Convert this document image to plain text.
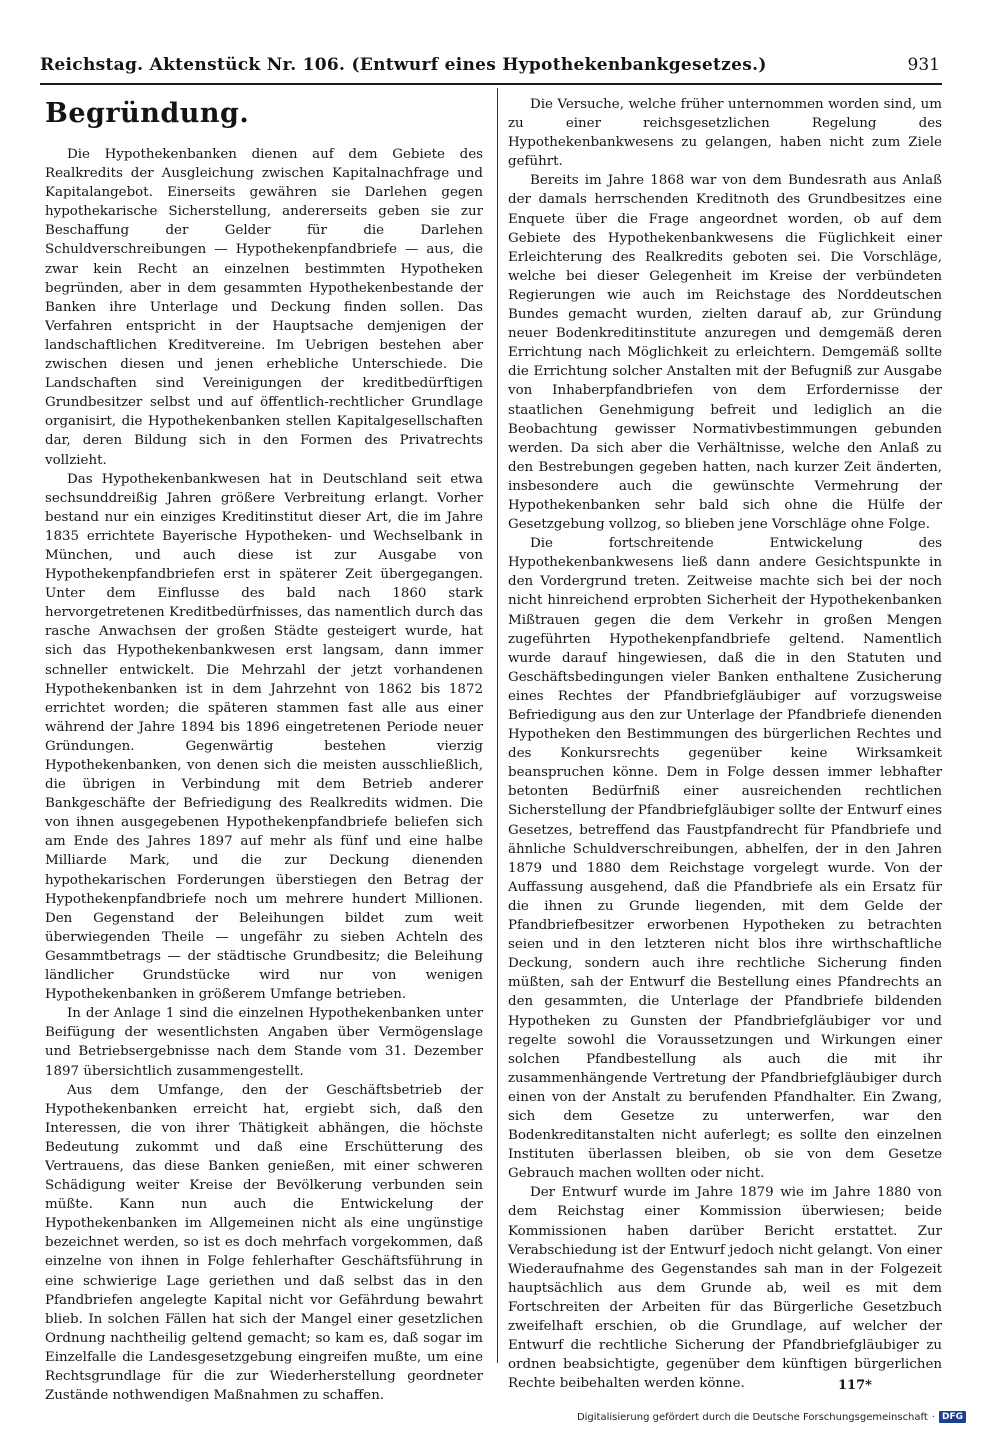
Reichstag. Aktenstück Nr. 106. (Entwurf eines Hypothekenbankgesetzes.)	931
Begründung.

Die Hypothekenbanken dienen auf dem Gebiete des Realkredits der Ausgleichung zwischen Kapitalnachfrage und Kapitalangebot. Einerseits gewähren sie Darlehen gegen hypothekarische Sicherstellung, andererseits geben sie zur Beschaffung der Gelder für die Darlehen Schuldverschreibungen — Hypothekenpfandbriefe — aus, die zwar kein Recht an einzelnen bestimmten Hypotheken begründen, aber in dem gesammten Hypothekenbestande der Banken ihre Unterlage und Deckung finden sollen. Das Verfahren entspricht in der Hauptsache demjenigen der landschaftlichen Kreditvereine. Im Uebrigen bestehen aber zwischen diesen und jenen erhebliche Unterschiede. Die Landschaften sind Vereinigungen der kreditbedürftigen Grundbesitzer selbst und auf öffentlich-rechtlicher Grundlage organisirt, die Hypothekenbanken stellen Kapitalgesellschaften dar, deren Bildung sich in den Formen des Privatrechts vollzieht.

Das Hypothekenbankwesen hat in Deutschland seit etwa sechsunddreißig Jahren größere Verbreitung erlangt. Vorher bestand nur ein einziges Kreditinstitut dieser Art, die im Jahre 1835 errichtete Bayerische Hypotheken- und Wechselbank in München, und auch diese ist zur Ausgabe von Hypothekenpfandbriefen erst in späterer Zeit übergegangen. Unter dem Einflusse des bald nach 1860 stark hervorgetretenen Kreditbedürfnisses, das namentlich durch das rasche Anwachsen der großen Städte gesteigert wurde, hat sich das Hypothekenbankwesen erst langsam, dann immer schneller entwickelt. Die Mehrzahl der jetzt vorhandenen Hypothekenbanken ist in dem Jahrzehnt von 1862 bis 1872 errichtet worden; die späteren stammen fast alle aus einer während der Jahre 1894 bis 1896 eingetretenen Periode neuer Gründungen. Gegenwärtig bestehen vierzig Hypothekenbanken, von denen sich die meisten ausschließlich, die übrigen in Verbindung mit dem Betrieb anderer Bankgeschäfte der Befriedigung des Realkredits widmen. Die von ihnen ausgegebenen Hypothekenpfandbriefe beliefen sich am Ende des Jahres 1897 auf mehr als fünf und eine halbe Milliarde Mark, und die zur Deckung dienenden hypothekarischen Forderungen überstiegen den Betrag der Hypothekenpfandbriefe noch um mehrere hundert Millionen. Den Gegenstand der Beleihungen bildet zum weit überwiegenden Theile — ungefähr zu sieben Achteln des Gesammtbetrags — der städtische Grundbesitz; die Beleihung ländlicher Grundstücke wird nur von wenigen Hypothekenbanken in größerem Umfange betrieben.

In der Anlage 1 sind die einzelnen Hypothekenbanken unter Beifügung der wesentlichsten Angaben über Vermögenslage und Betriebsergebnisse nach dem Stande vom 31. Dezember 1897 übersichtlich zusammengestellt.

Aus dem Umfange, den der Geschäftsbetrieb der Hypothekenbanken erreicht hat, ergiebt sich, daß den Interessen, die von ihrer Thätigkeit abhängen, die höchste Bedeutung zukommt und daß eine Erschütterung des Vertrauens, das diese Banken genießen, mit einer schweren Schädigung weiter Kreise der Bevölkerung verbunden sein müßte. Kann nun auch die Entwickelung der Hypothekenbanken im Allgemeinen nicht als eine ungünstige bezeichnet werden, so ist es doch mehrfach vorgekommen, daß einzelne von ihnen in Folge fehlerhafter Geschäftsführung in eine schwierige Lage geriethen und daß selbst das in den Pfandbriefen angelegte Kapital nicht vor Gefährdung bewahrt blieb. In solchen Fällen hat sich der Mangel einer gesetzlichen Ordnung nachtheilig geltend gemacht; so kam es, daß sogar im Einzelfalle die Landesgesetzgebung eingreifen mußte, um eine Rechtsgrundlage für die zur Wiederherstellung geordneter Zustände nothwendigen Maßnahmen zu schaffen.

Die Versuche, welche früher unternommen worden sind, um zu einer reichsgesetzlichen Regelung des Hypothekenbankwesens zu gelangen, haben nicht zum Ziele geführt.

Bereits im Jahre 1868 war von dem Bundesrath aus Anlaß der damals herrschenden Kreditnoth des Grundbesitzes eine Enquete über die Frage angeordnet worden, ob auf dem Gebiete des Hypothekenbankwesens die Füglichkeit einer Erleichterung des Realkredits geboten sei. Die Vorschläge, welche bei dieser Gelegenheit im Kreise der verbündeten Regierungen wie auch im Reichstage des Norddeutschen Bundes gemacht wurden, zielten darauf ab, zur Gründung neuer Bodenkreditinstitute anzuregen und demgemäß deren Errichtung nach Möglichkeit zu erleichtern. Demgemäß sollte die Errichtung solcher Anstalten mit der Befugniß zur Ausgabe von Inhaberpfandbriefen von dem Erfordernisse der staatlichen Genehmigung befreit und lediglich an die Beobachtung gewisser Normativbestimmungen gebunden werden. Da sich aber die Verhältnisse, welche den Anlaß zu den Bestrebungen gegeben hatten, nach kurzer Zeit änderten, insbesondere auch die gewünschte Vermehrung der Hypothekenbanken sehr bald sich ohne die Hülfe der Gesetzgebung vollzog, so blieben jene Vorschläge ohne Folge.

Die fortschreitende Entwickelung des Hypothekenbankwesens ließ dann andere Gesichtspunkte in den Vordergrund treten. Zeitweise machte sich bei der noch nicht hinreichend erprobten Sicherheit der Hypothekenbanken Mißtrauen gegen die dem Verkehr in großen Mengen zugeführten Hypothekenpfandbriefe geltend. Namentlich wurde darauf hingewiesen, daß die in den Statuten und Geschäftsbedingungen vieler Banken enthaltene Zusicherung eines Rechtes der Pfandbriefgläubiger auf vorzugsweise Befriedigung aus den zur Unterlage der Pfandbriefe dienenden Hypotheken den Bestimmungen des bürgerlichen Rechtes und des Konkursrechts gegenüber keine Wirksamkeit beanspruchen könne. Dem in Folge dessen immer lebhafter betonten Bedürfniß einer ausreichenden rechtlichen Sicherstellung der Pfandbriefgläubiger sollte der Entwurf eines Gesetzes, betreffend das Faustpfandrecht für Pfandbriefe und ähnliche Schuldverschreibungen, abhelfen, der in den Jahren 1879 und 1880 dem Reichstage vorgelegt wurde. Von der Auffassung ausgehend, daß die Pfandbriefe als ein Ersatz für die ihnen zu Grunde liegenden, mit dem Gelde der Pfandbriefbesitzer erworbenen Hypotheken zu betrachten seien und in den letzteren nicht blos ihre wirthschaftliche Deckung, sondern auch ihre rechtliche Sicherung finden müßten, sah der Entwurf die Bestellung eines Pfandrechts an den gesammten, die Unterlage der Pfandbriefe bildenden Hypotheken zu Gunsten der Pfandbriefgläubiger vor und regelte sowohl die Voraussetzungen und Wirkungen einer solchen Pfandbestellung als auch die mit ihr zusammenhängende Vertretung der Pfandbriefgläubiger durch einen von der Anstalt zu berufenden Pfandhalter. Ein Zwang, sich dem Gesetze zu unterwerfen, war den Bodenkreditanstalten nicht auferlegt; es sollte den einzelnen Instituten überlassen bleiben, ob sie von dem Gesetze Gebrauch machen wollten oder nicht.

Der Entwurf wurde im Jahre 1879 wie im Jahre 1880 von dem Reichstag einer Kommission überwiesen; beide Kommissionen haben darüber Bericht erstattet. Zur Verabschiedung ist der Entwurf jedoch nicht gelangt. Von einer Wiederaufnahme des Gegenstandes sah man in der Folgezeit hauptsächlich aus dem Grunde ab, weil es mit dem Fortschreiten der Arbeiten für das Bürgerliche Gesetzbuch zweifelhaft erschien, ob die Grundlage, auf welcher der Entwurf die rechtliche Sicherung der Pfandbriefgläubiger zu ordnen beabsichtigte, gegenüber dem künftigen bürgerlichen Rechte beibehalten werden könne.	117*
Digitalisierung gefördert durch die Deutsche Forschungsgemeinschaft · DFG
